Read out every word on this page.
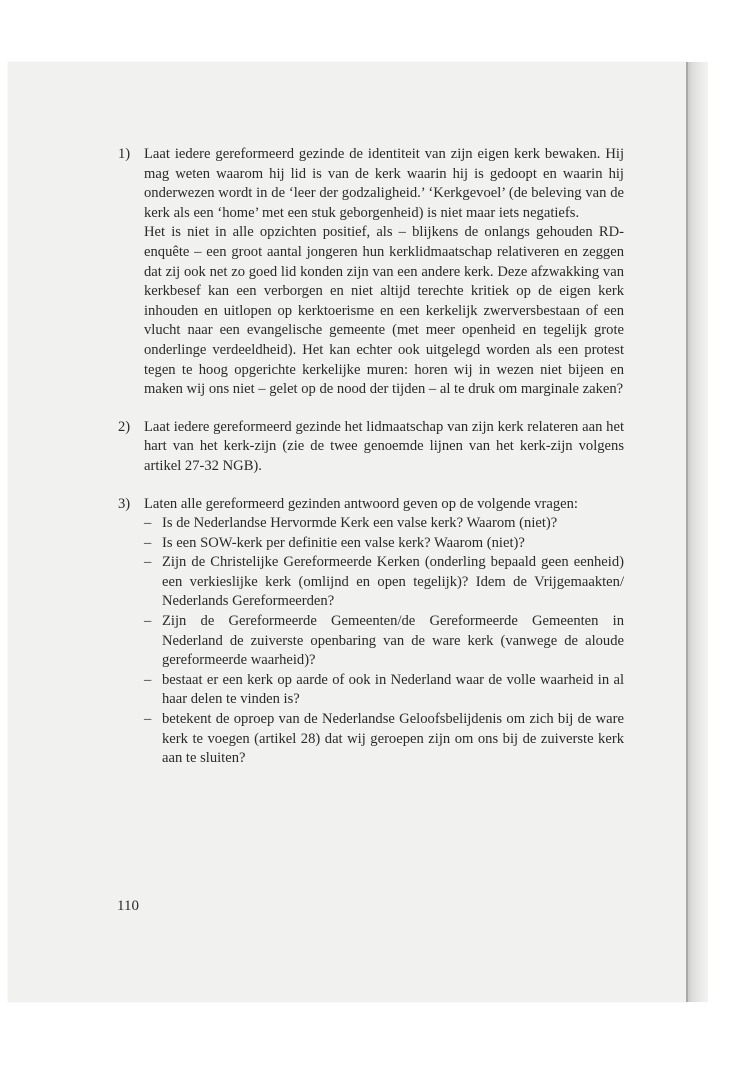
1) Laat iedere gereformeerd gezinde de identiteit van zijn eigen kerk bewaken. Hij mag weten waarom hij lid is van de kerk waarin hij is gedoopt en waarin hij onderwezen wordt in de ‘leer der godzaligheid.’ ‘Kerkgevoel’ (de beleving van de kerk als een ‘home’ met een stuk geborgenheid) is niet maar iets negatiefs.

Het is niet in alle opzichten positief, als – blijkens de onlangs gehouden RD-enquête – een groot aantal jongeren hun kerklidmaatschap relativeren en zeggen dat zij ook net zo goed lid konden zijn van een andere kerk. Deze afzwakking van kerkbesef kan een verborgen en niet altijd terechte kritiek op de eigen kerk inhouden en uitlopen op kerktoerisme en een kerkelijk zwerversbestaan of een vlucht naar een evangelische gemeente (met meer openheid en tegelijk grote onderlinge verdeeldheid). Het kan echter ook uitgelegd worden als een protest tegen te hoog opgerichte kerkelijke muren: horen wij in wezen niet bijeen en maken wij ons niet – gelet op de nood der tijden – al te druk om marginale zaken?

2) Laat iedere gereformeerd gezinde het lidmaatschap van zijn kerk relateren aan het hart van het kerk-zijn (zie de twee genoemde lijnen van het kerk-zijn volgens artikel 27-32 NGB).

3) Laten alle gereformeerd gezinden antwoord geven op de volgende vragen:

– Is de Nederlandse Hervormde Kerk een valse kerk? Waarom (niet)?
– Is een SOW-kerk per definitie een valse kerk? Waarom (niet)?
– Zijn de Christelijke Gereformeerde Kerken (onderling bepaald geen eenheid) een verkieslijke kerk (omlijnd en open tegelijk)? Idem de Vrijgemaakten/ Nederlands Gereformeerden?
– Zijn de Gereformeerde Gemeenten/de Gereformeerde Gemeenten in Nederland de zuiverste openbaring van de ware kerk (vanwege de aloude gereformeerde waarheid)?
– bestaat er een kerk op aarde of ook in Nederland waar de volle waarheid in al haar delen te vinden is?
– betekent de oproep van de Nederlandse Geloofsbelijdenis om zich bij de ware kerk te voegen (artikel 28) dat wij geroepen zijn om ons bij de zuiverste kerk aan te sluiten?
110
